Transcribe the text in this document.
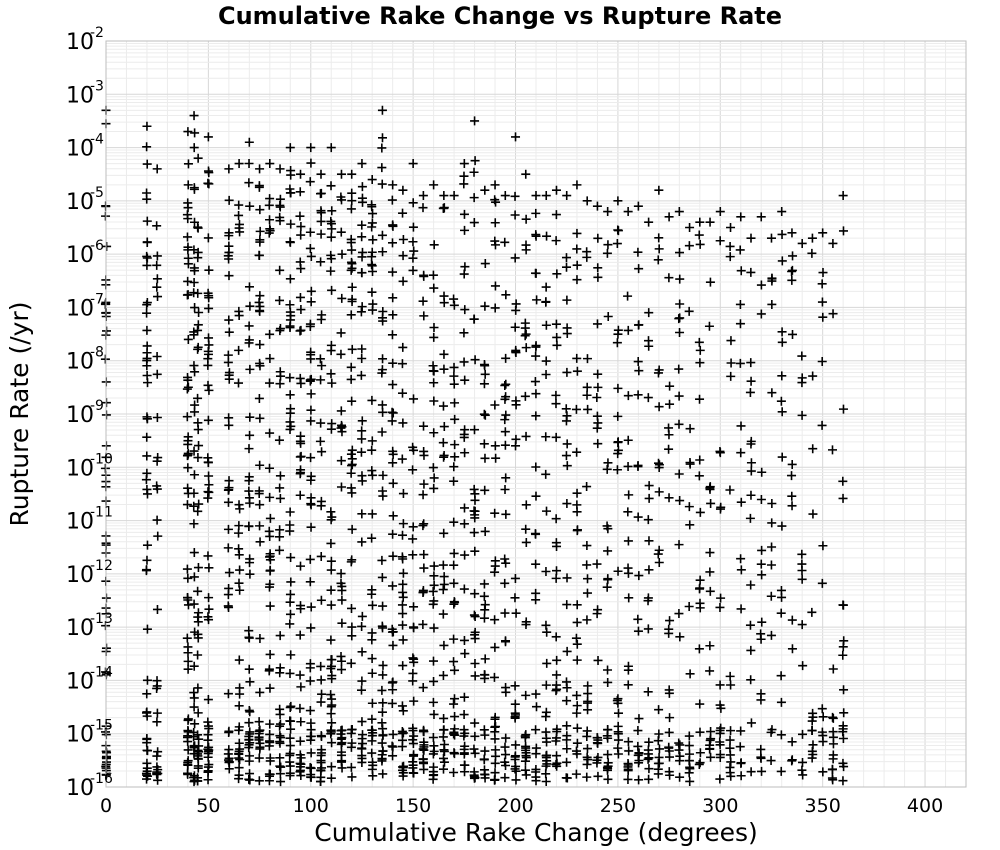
0	50	100	150	200	250	300	350	400
10
-2
10
-3
10
-4
10
-5
10
-6
10
-7
10
-8
10
-9
10
-10
10
-11
10
-12
10
-13
10
-14
10
-15
10
-16
Cumulative Rake Change vs Rupture Rate
Cumulative Rake Change (degrees)
Rupture Rate (/yr)
